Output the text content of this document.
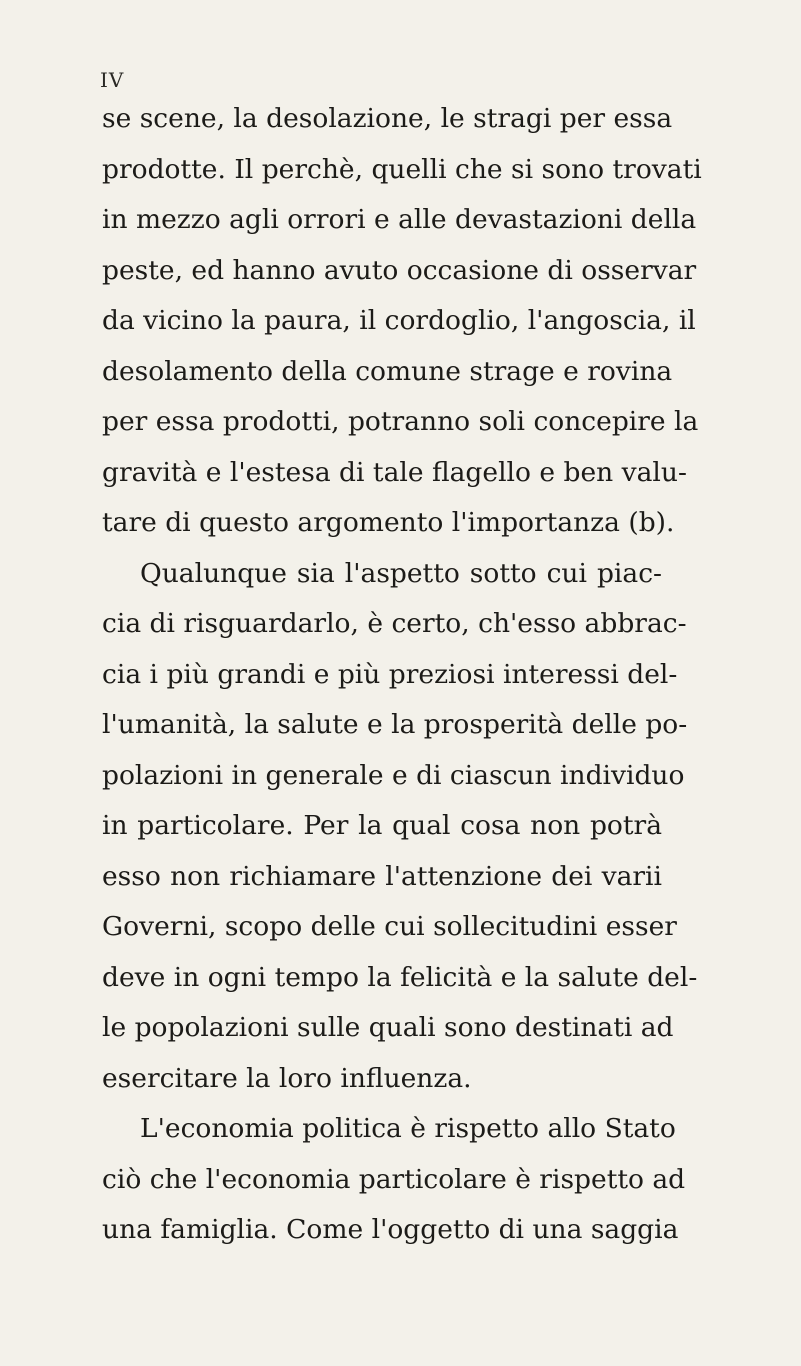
IV
se scene, la desolazione, le stragi per essa
prodotte. Il perchè, quelli che si sono trovati
in mezzo agli orrori e alle devastazioni della
peste, ed hanno avuto occasione di osservar
da vicino la paura, il cordoglio, l'angoscia, il
desolamento della comune strage e rovina
per essa prodotti, potranno soli concepire la
gravità e l'estesa di tale flagello e ben valu-
tare di questo argomento l'importanza (b).
Qualunque sia l'aspetto sotto cui piac-
cia di risguardarlo, è certo, ch'esso abbrac-
cia i più grandi e più preziosi interessi del-
l'umanità, la salute e la prosperità delle po-
polazioni in generale e di ciascun individuo
in particolare. Per la qual cosa non potrà
esso non richiamare l'attenzione dei varii
Governi, scopo delle cui sollecitudini esser
deve in ogni tempo la felicità e la salute del-
le popolazioni sulle quali sono destinati ad
esercitare la loro influenza.
L'economia politica è rispetto allo Stato
ciò che l'economia particolare è rispetto ad
una famiglia. Come l'oggetto di una saggia
